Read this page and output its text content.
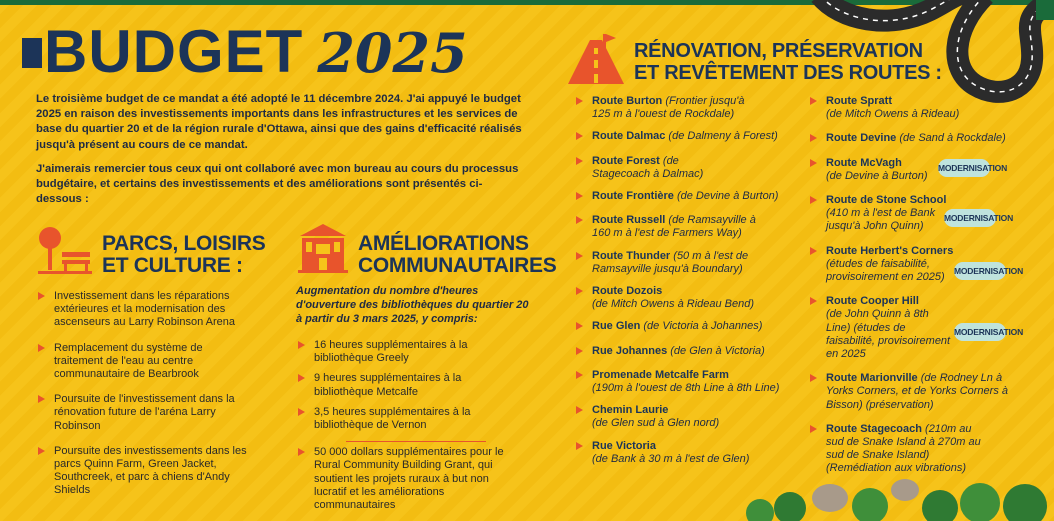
BUDGET 2025

Le troisième budget de ce mandat a été adopté le 11 décembre 2024. J'ai appuyé le budget 2025 en raison des investissements importants dans les infrastructures et les services de base du quartier 20 et de la région rurale d'Ottawa, ainsi que des gains d'efficacité réalisés jusqu'à présent au cours de ce mandat.

J'aimerais remercier tous ceux qui ont collaboré avec mon bureau au cours du processus budgétaire, et certains des investissements et des améliorations sont présentés ci-dessous :

PARCS, LOISIRS
ET CULTURE :
Investissement dans les réparations extérieures et la modernisation des ascenseurs au Larry Robinson Arena
Remplacement du système de traitement de l'eau au centre communautaire de Bearbrook
Poursuite de l'investissement dans la rénovation future de l'aréna Larry Robinson
Poursuite des investissements dans les parcs Quinn Farm, Green Jacket, Southcreek, et parc à chiens d'Andy Shields
AMÉLIORATIONS
COMMUNAUTAIRES
Augmentation du nombre d'heures d'ouverture des bibliothèques du quartier 20 à partir du 3 mars 2025, y compris:
16 heures supplémentaires à la bibliothèque Greely
9 heures supplémentaires à la bibliothèque Metcalfe
3,5 heures supplémentaires à la bibliothèque de Vernon
50 000 dollars supplémentaires pour le Rural Community Building Grant, qui soutient les projets ruraux à but non lucratif et les améliorations communautaires
RÉNOVATION, PRÉSERVATION
ET REVÊTEMENT DES ROUTES :
Route Burton (Frontier jusqu'à 125 m à l'ouest de Rockdale)
Route Dalmac (de Dalmeny à Forest)
Route Forest (de Stagecoach à Dalmac)
Route Frontière (de Devine à Burton)
Route Russell (de Ramsayville à 160 m à l'est de Farmers Way)
Route Thunder (50 m à l'est de Ramsayville jusqu'à Boundary)
Route Dozois
(de Mitch Owens à Rideau Bend)
Rue Glen (de Victoria à Johannes)
Rue Johannes (de Glen à Victoria)
Promenade Metcalfe Farm
(190m à l'ouest de 8th Line à 8th Line)
Chemin Laurie
(de Glen sud à Glen nord)
Rue Victoria
(de Bank à 30 m à l'est de Glen)
Route Spratt
(de Mitch Owens à Rideau)
Route Devine (de Sand à Rockdale)
Route McVagh
(de Devine à Burton)
Route de Stone School
(410 m à l'est de Bank jusqu'à John Quinn)
Route Herbert's Corners
(études de faisabilité, provisoirement en 2025)
Route Cooper Hill
(de John Quinn à 8th Line) (études de faisabilité, provisoirement en 2025
Route Marionville (de Rodney Ln à Yorks Corners, et de Yorks Corners à Bisson) (préservation)
Route Stagecoach (210m au sud de Snake Island à 270m au sud de Snake Island) (Remédiation aux vibrations)
MODERNISATION
MODERNISATION
MODERNISATION
MODERNISATION
